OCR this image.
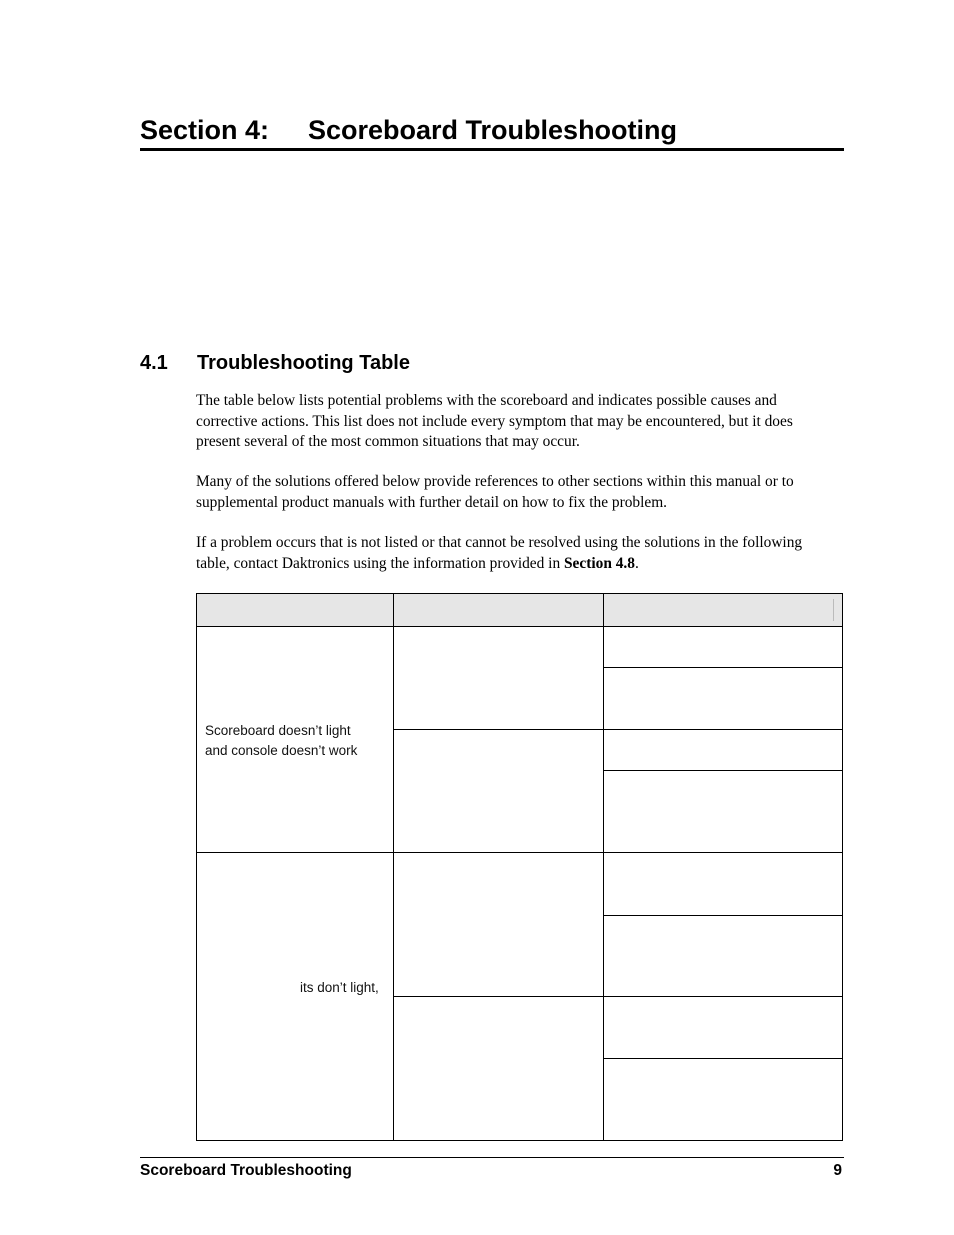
Section 4: Scoreboard Troubleshooting
4.1 Troubleshooting Table

The table below lists potential problems with the scoreboard and indicates possible causes and corrective actions. This list does not include every symptom that may be encountered, but it does present several of the most common situations that may occur.

Many of the solutions offered below provide references to other sections within this manual or to supplemental product manuals with further detail on how to fix the problem.

If a problem occurs that is not listed or that cannot be resolved using the solutions in the following table, contact Daktronics using the information provided in Section 4.8.

Scoreboard doesn’t light
and console doesn’t work
its don’t light,
Scoreboard Troubleshooting	9
